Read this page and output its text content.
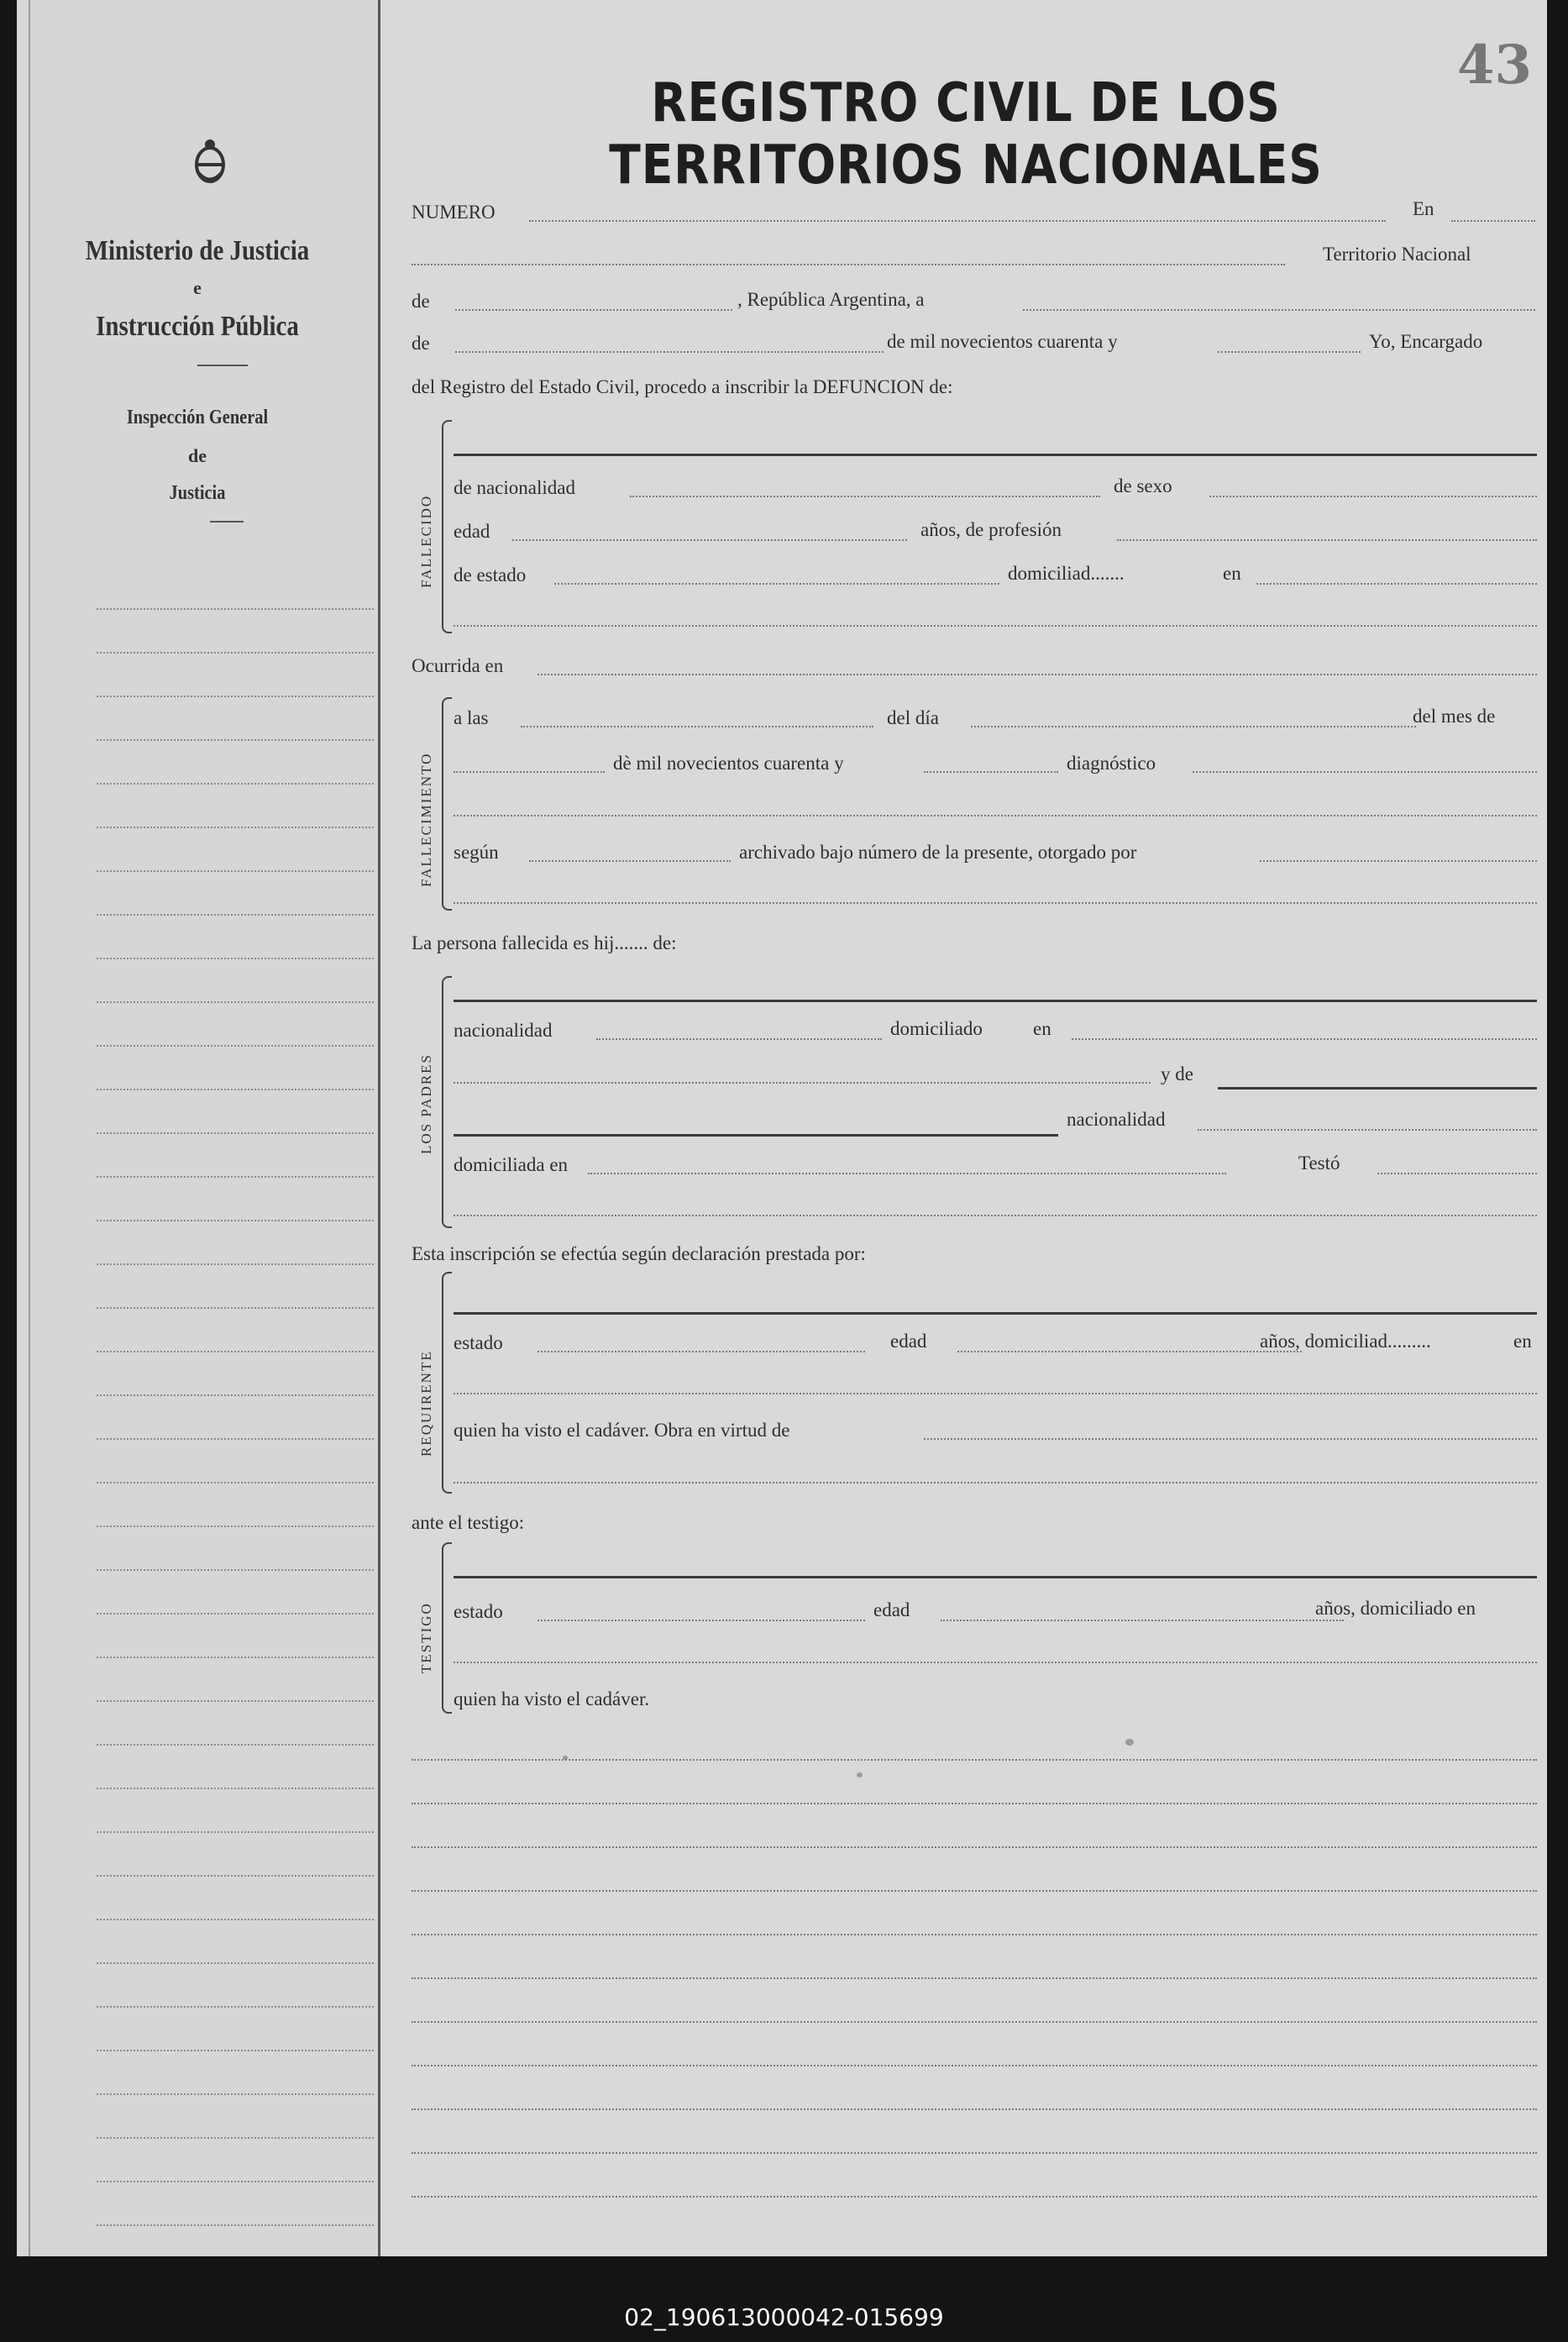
Ministerio de Justicia
e
Instrucción Pública
Inspección General
de
Justicia
REGISTRO CIVIL DE LOS TERRITORIOS NACIONALES
43
NUMERO	En
Territorio Nacional
de	, República Argentina, a
de	de mil novecientos cuarenta y	Yo, Encargado
del Registro del Estado Civil, procedo a inscribir la DEFUNCION de:
FALLECIDO
de nacionalidad	de sexo
edad	años, de profesión
de estado	domiciliad.......	en
Ocurrida en
FALLECIMIENTO
a las	del día	del mes de
dè mil novecientos cuarenta y	diagnóstico
según	archivado bajo número de la presente, otorgado por
La persona fallecida es hij....... de:
LOS PADRES
nacionalidad	domiciliado	en
y de
nacionalidad
domiciliada en	Testó
Esta inscripción se efectúa según declaración prestada por:
REQUIRENTE
estado	edad	años, domiciliad.........	en
quien ha visto el cadáver. Obra en virtud de
ante el testigo:
TESTIGO estado	edad	años, domiciliado en
quien ha visto el cadáver.
02_190613000042-015699
